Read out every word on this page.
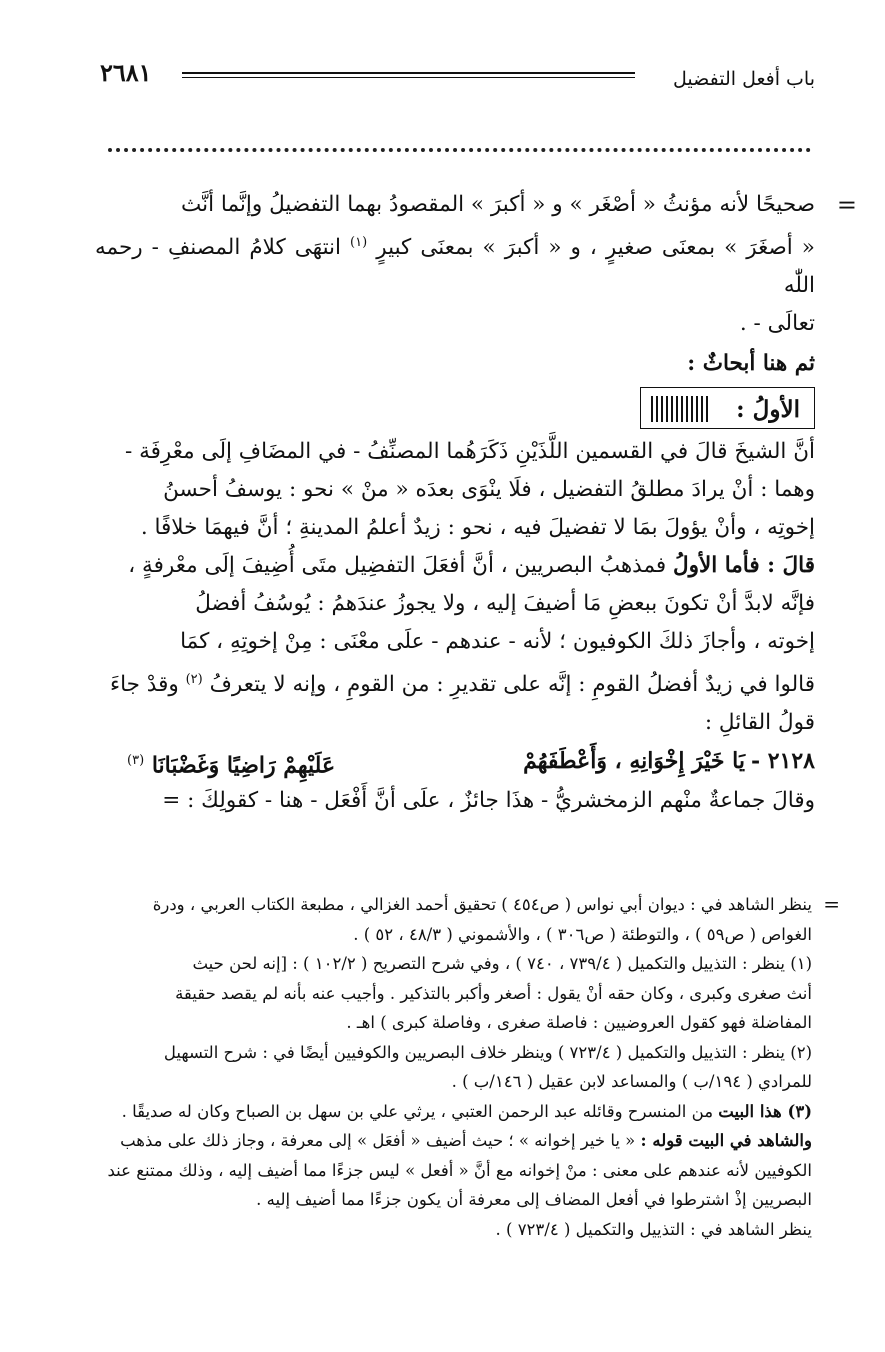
باب أفعل التفضيل
٢٦٨١
=

صحيحًا لأنه مؤنثُ « أصْغَر » و « أكبرَ » المقصودُ بهما التفضيلُ وإنَّما أنَّث

« أصغَرَ » بمعنَى صغيرٍ ، و « أكبرَ » بمعنَى كبيرٍ $^{(١)}$ انتهَى كلامُ المصنفِ - رحمه اللّٰه

تعالَى - .

ثم هنا أبحاثٌ :

الأولُ :

أنَّ الشيخَ قالَ في القسمين اللَّذَيْنِ ذَكَرَهُما المصنِّفُ - في المضَافِ إلَى معْرِفَة -

وهما : أنْ يرادَ مطلقُ التفضيل ، فلَا ينْوَى بعدَه « منْ » نحو : يوسفُ أحسنُ

إخوتِه ، وأنْ يؤولَ بمَا لا تفضيلَ فيه ، نحو : زيدٌ أعلمُ المدينةِ ؛ أنَّ فيهمَا خلافًا .

قالَ : فأما الأولُ فمذهبُ البصريين ، أنَّ أفعَلَ التفضِيل متَى أُضِيفَ إلَى معْرفةٍ ،

فإنَّه لابدَّ أنْ تكونَ ببعضِ مَا أضيفَ إليه ، ولا يجوزُ عندَهمُ : يُوسُفُ أفضلُ

إخوته ، وأجازَ ذلكَ الكوفيون ؛ لأنه - عندهم - علَى معْنَى : مِنْ إخوتِهِ ، كمَا

قالوا في زيدٌ أفضلُ القومِ : إنَّه على تقديرِ : من القومِ ، وإنه لا يتعرفُ $^{(٢)}$ وقدْ جاءَ

قولُ القائلِ :

٢١٢٨ -
يَا خَيْرَ إِخْوَانِهِ ، وَأَعْطَفَهُمْ
عَلَيْهِمْ رَاضِيًا وَغَضْبَانَا $^{(٣)}$

وقالَ جماعةٌ منْهم الزمخشريُّ - هذَا جائزٌ ، علَى أنَّ أَفْعَل - هنا - كقولِكَ : =

=

ينظر الشاهد في : ديوان أبي نواس ( ص٤٥٤ ) تحقيق أحمد الغزالي ، مطبعة الكتاب العربي ، ودرة

الغواص ( ص٥٩ ) ، والتوطئة ( ص٣٠٦ ) ، والأشموني ( ٤٨/٣ ، ٥٢ ) .

(١) ينظر : التذييل والتكميل ( ٧٣٩/٤ ، ٧٤٠ ) ، وفي شرح التصريح ( ١٠٢/٢ ) : [إنه لحن حيث

أنث صغرى وكبرى ، وكان حقه أنْ يقول : أصغر وأكبر بالتذكير . وأجيب عنه بأنه لم يقصد حقيقة

المفاضلة فهو كقول العروضيين : فاصلة صغرى ، وفاصلة كبرى ) اهـ .

(٢) ينظر : التذييل والتكميل ( ٧٢٣/٤ ) وينظر خلاف البصريين والكوفيين أيضًا في : شرح التسهيل

للمرادي ( ١٩٤/ب ) والمساعد لابن عقيل ( ١٤٦/ب ) .

(٣) هذا البيت من المنسرح وقائله عبد الرحمن العتبي ، يرثي علي بن سهل بن الصباح وكان له صديقًا .

والشاهد في البيت قوله : « يا خير إخوانه » ؛ حيث أضيف « أفعَل » إلى معرفة ، وجاز ذلك على مذهب

الكوفيين لأنه عندهم على معنى : منْ إخوانه مع أنَّ « أفعل » ليس جزءًا مما أضيف إليه ، وذلك ممتنع عند

البصريين إذْ اشترطوا في أفعل المضاف إلى معرفة أن يكون جزءًا مما أضيف إليه .

ينظر الشاهد في : التذييل والتكميل ( ٧٢٣/٤ ) .
